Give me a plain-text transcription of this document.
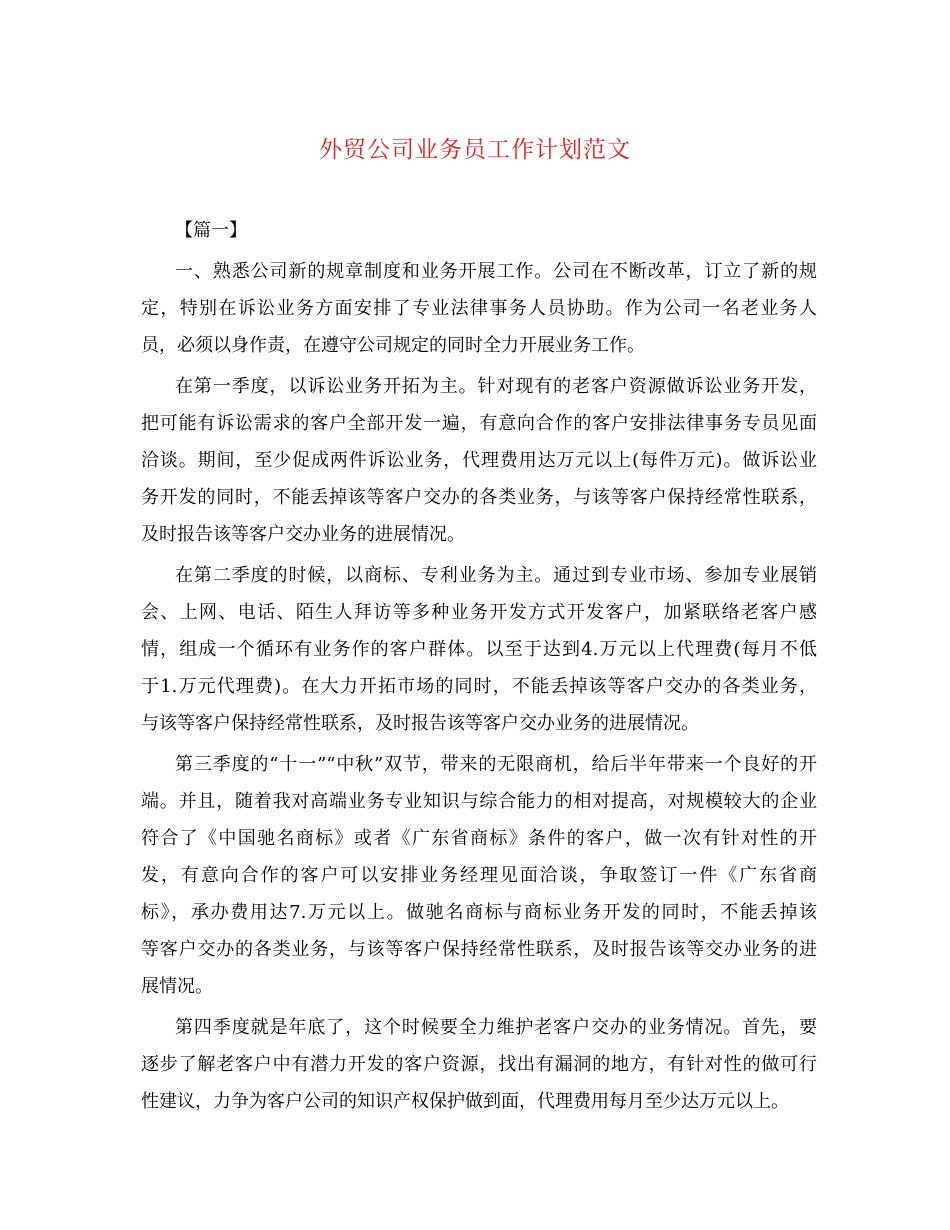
外贸公司业务员工作计划范文
【篇一】
一、熟悉公司新的规章制度和业务开展工作。公司在不断改革，订立了新的规
定，特别在诉讼业务方面安排了专业法律事务人员协助。作为公司一名老业务人
员，必须以身作责，在遵守公司规定的同时全力开展业务工作。
在第一季度，以诉讼业务开拓为主。针对现有的老客户资源做诉讼业务开发，
把可能有诉讼需求的客户全部开发一遍，有意向合作的客户安排法律事务专员见面
洽谈。期间，至少促成两件诉讼业务，代理费用达万元以上(每件万元)。做诉讼业
务开发的同时，不能丢掉该等客户交办的各类业务，与该等客户保持经常性联系，
及时报告该等客户交办业务的进展情况。
在第二季度的时候，以商标、专利业务为主。通过到专业市场、参加专业展销
会、上网、电话、陌生人拜访等多种业务开发方式开发客户，加紧联络老客户感
情，组成一个循环有业务作的客户群体。以至于达到4.万元以上代理费(每月不低
于1.万元代理费)。在大力开拓市场的同时，不能丢掉该等客户交办的各类业务，
与该等客户保持经常性联系，及时报告该等客户交办业务的进展情况。
第三季度的“十一”“中秋”双节，带来的无限商机，给后半年带来一个良好的开
端。并且，随着我对高端业务专业知识与综合能力的相对提高，对规模较大的企业
符合了《中国驰名商标》或者《广东省商标》条件的客户，做一次有针对性的开
发，有意向合作的客户可以安排业务经理见面洽谈，争取签订一件《广东省商
标》，承办费用达7.万元以上。做驰名商标与商标业务开发的同时，不能丢掉该
等客户交办的各类业务，与该等客户保持经常性联系，及时报告该等交办业务的进
展情况。
第四季度就是年底了，这个时候要全力维护老客户交办的业务情况。首先，要
逐步了解老客户中有潜力开发的客户资源，找出有漏洞的地方，有针对性的做可行
性建议，力争为客户公司的知识产权保护做到面，代理费用每月至少达万元以上。
